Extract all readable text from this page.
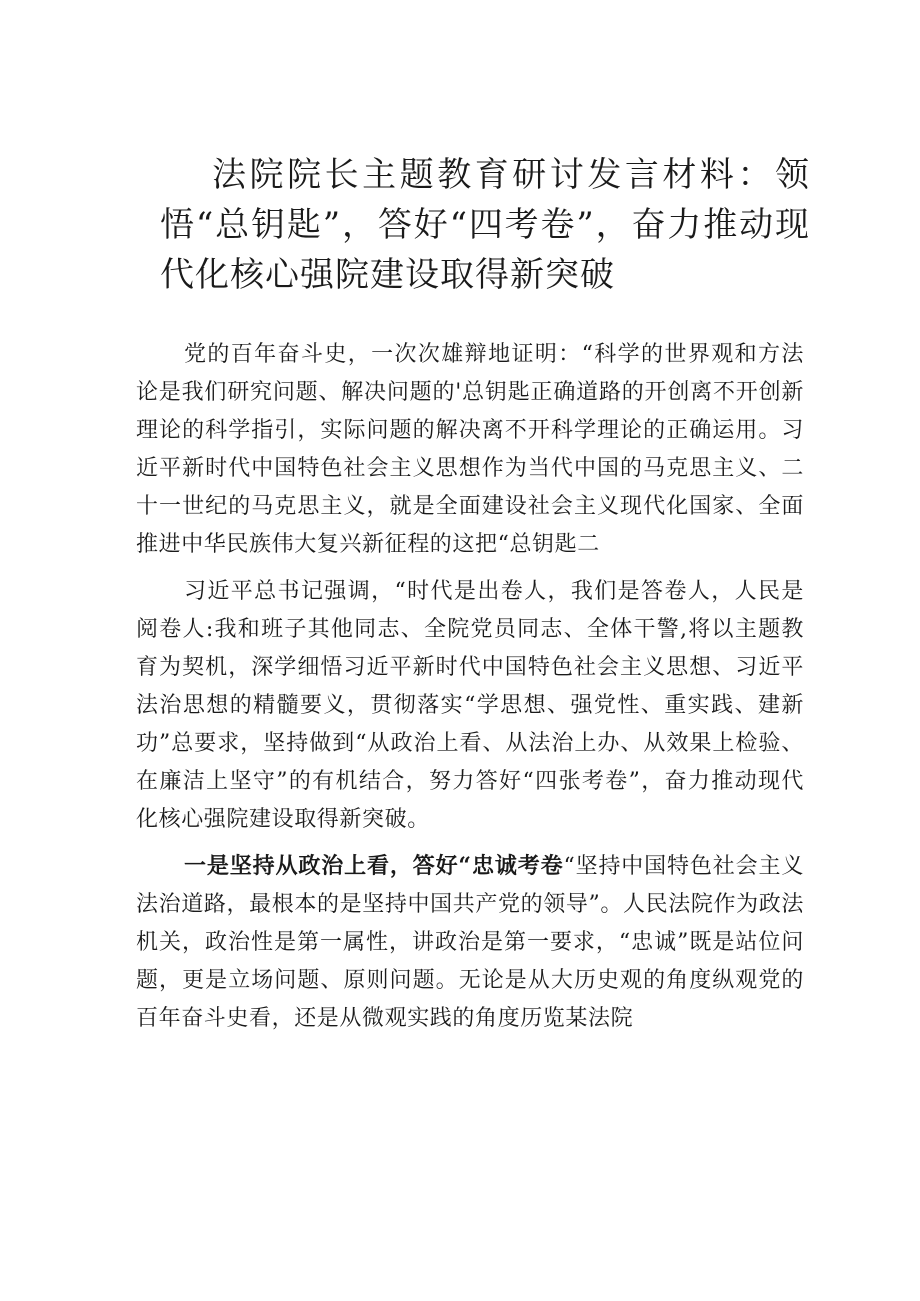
法院院长主题教育研讨发言材料：领悟“总钥匙”，答好“四考卷”，奋力推动现代化核心强院建设取得新突破

党的百年奋斗史，一次次雄辩地证明：“科学的世界观和方法论是我们研究问题、解决问题的'总钥匙正确道路的开创离不开创新理论的科学指引，实际问题的解决离不开科学理论的正确运用。习近平新时代中国特色社会主义思想作为当代中国的马克思主义、二十一世纪的马克思主义，就是全面建设社会主义现代化国家、全面推进中华民族伟大复兴新征程的这把“总钥匙二

习近平总书记强调，“时代是出卷人，我们是答卷人，人民是阅卷人:我和班子其他同志、全院党员同志、全体干警,将以主题教育为契机，深学细悟习近平新时代中国特色社会主义思想、习近平法治思想的精髓要义，贯彻落实“学思想、强党性、重实践、建新功”总要求，坚持做到“从政治上看、从法治上办、从效果上检验、在廉洁上坚守”的有机结合，努力答好“四张考卷”，奋力推动现代化核心强院建设取得新突破。

一是坚持从政治上看，答好“忠诚考卷“坚持中国特色社会主义法治道路，最根本的是坚持中国共产党的领导”。人民法院作为政法机关，政治性是第一属性，讲政治是第一要求，“忠诚”既是站位问题，更是立场问题、原则问题。无论是从大历史观的角度纵观党的百年奋斗史看，还是从微观实践的角度历览某法院
